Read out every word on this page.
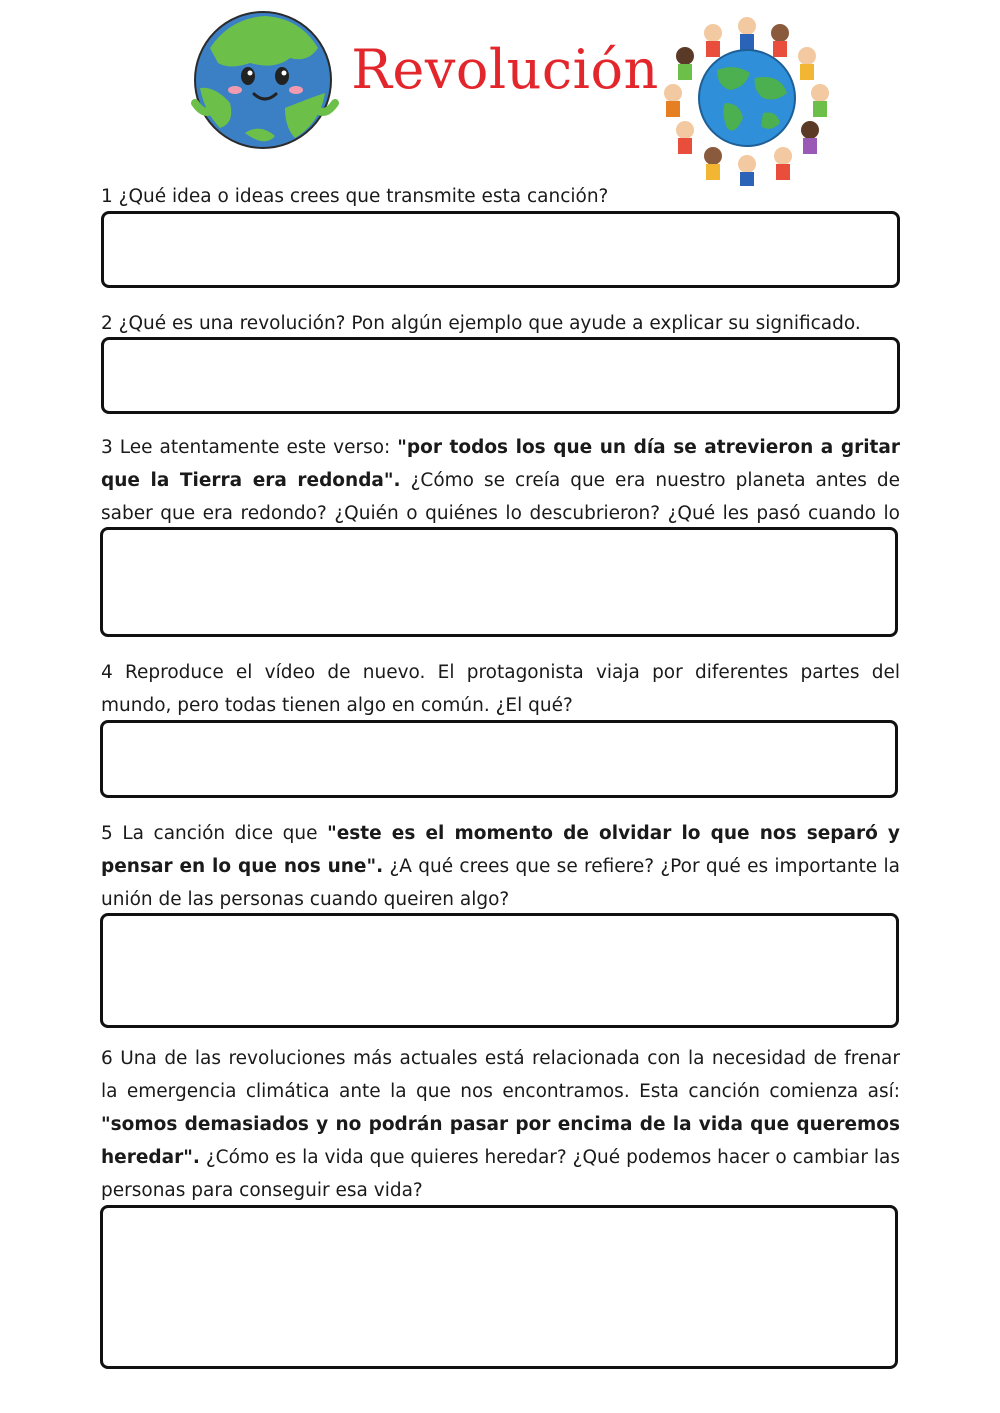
Revolución
1 ¿Qué idea o ideas crees que transmite esta canción?
2 ¿Qué es una revolución? Pon algún ejemplo que ayude a explicar su significado.
3 Lee atentamente este verso: "por todos los que un día se atrevieron a gritar que la Tierra era redonda". ¿Cómo se creía que era nuestro planeta antes de saber que era redondo? ¿Quién o quiénes lo descubrieron? ¿Qué les pasó cuando lo
4 Reproduce el vídeo de nuevo. El protagonista viaja por diferentes partes del mundo, pero todas tienen algo en común. ¿El qué?
5 La canción dice que "este es el momento de olvidar lo que nos separó y pensar en lo que nos une". ¿A qué crees que se refiere? ¿Por qué es importante la unión de las personas cuando queiren algo?
6 Una de las revoluciones más actuales está relacionada con la necesidad de frenar la emergencia climática ante la que nos encontramos. Esta canción comienza así: "somos demasiados y no podrán pasar por encima de la vida que queremos heredar". ¿Cómo es la vida que quieres heredar? ¿Qué podemos hacer o cambiar las personas para conseguir esa vida?
